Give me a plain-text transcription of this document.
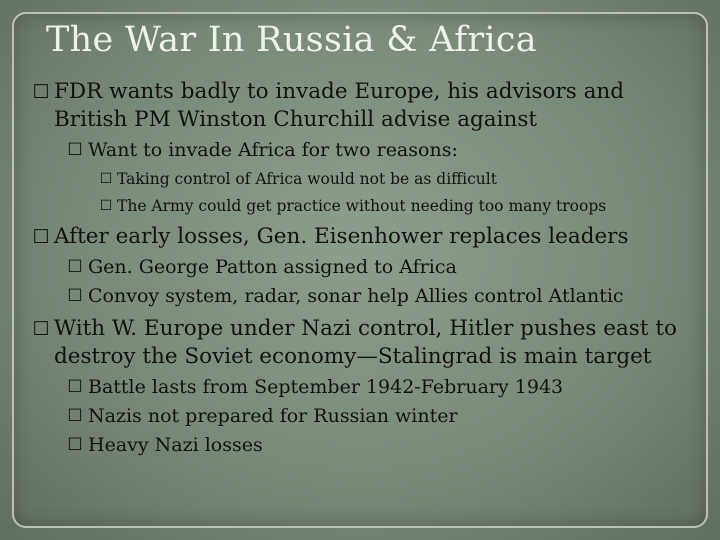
The War In Russia & Africa
☐ FDR wants badly to invade Europe, his advisors and British PM Winston Churchill advise against
☐ Want to invade Africa for two reasons:
☐ Taking control of Africa would not be as difficult
☐ The Army could get practice without needing too many troops
☐ After early losses, Gen. Eisenhower replaces leaders
☐ Gen. George Patton assigned to Africa
☐ Convoy system, radar, sonar help Allies control Atlantic
☐ With W. Europe under Nazi control, Hitler pushes east to destroy the Soviet economy—Stalingrad is main target
☐ Battle lasts from September 1942-February 1943
☐ Nazis not prepared for Russian winter
☐ Heavy Nazi losses
